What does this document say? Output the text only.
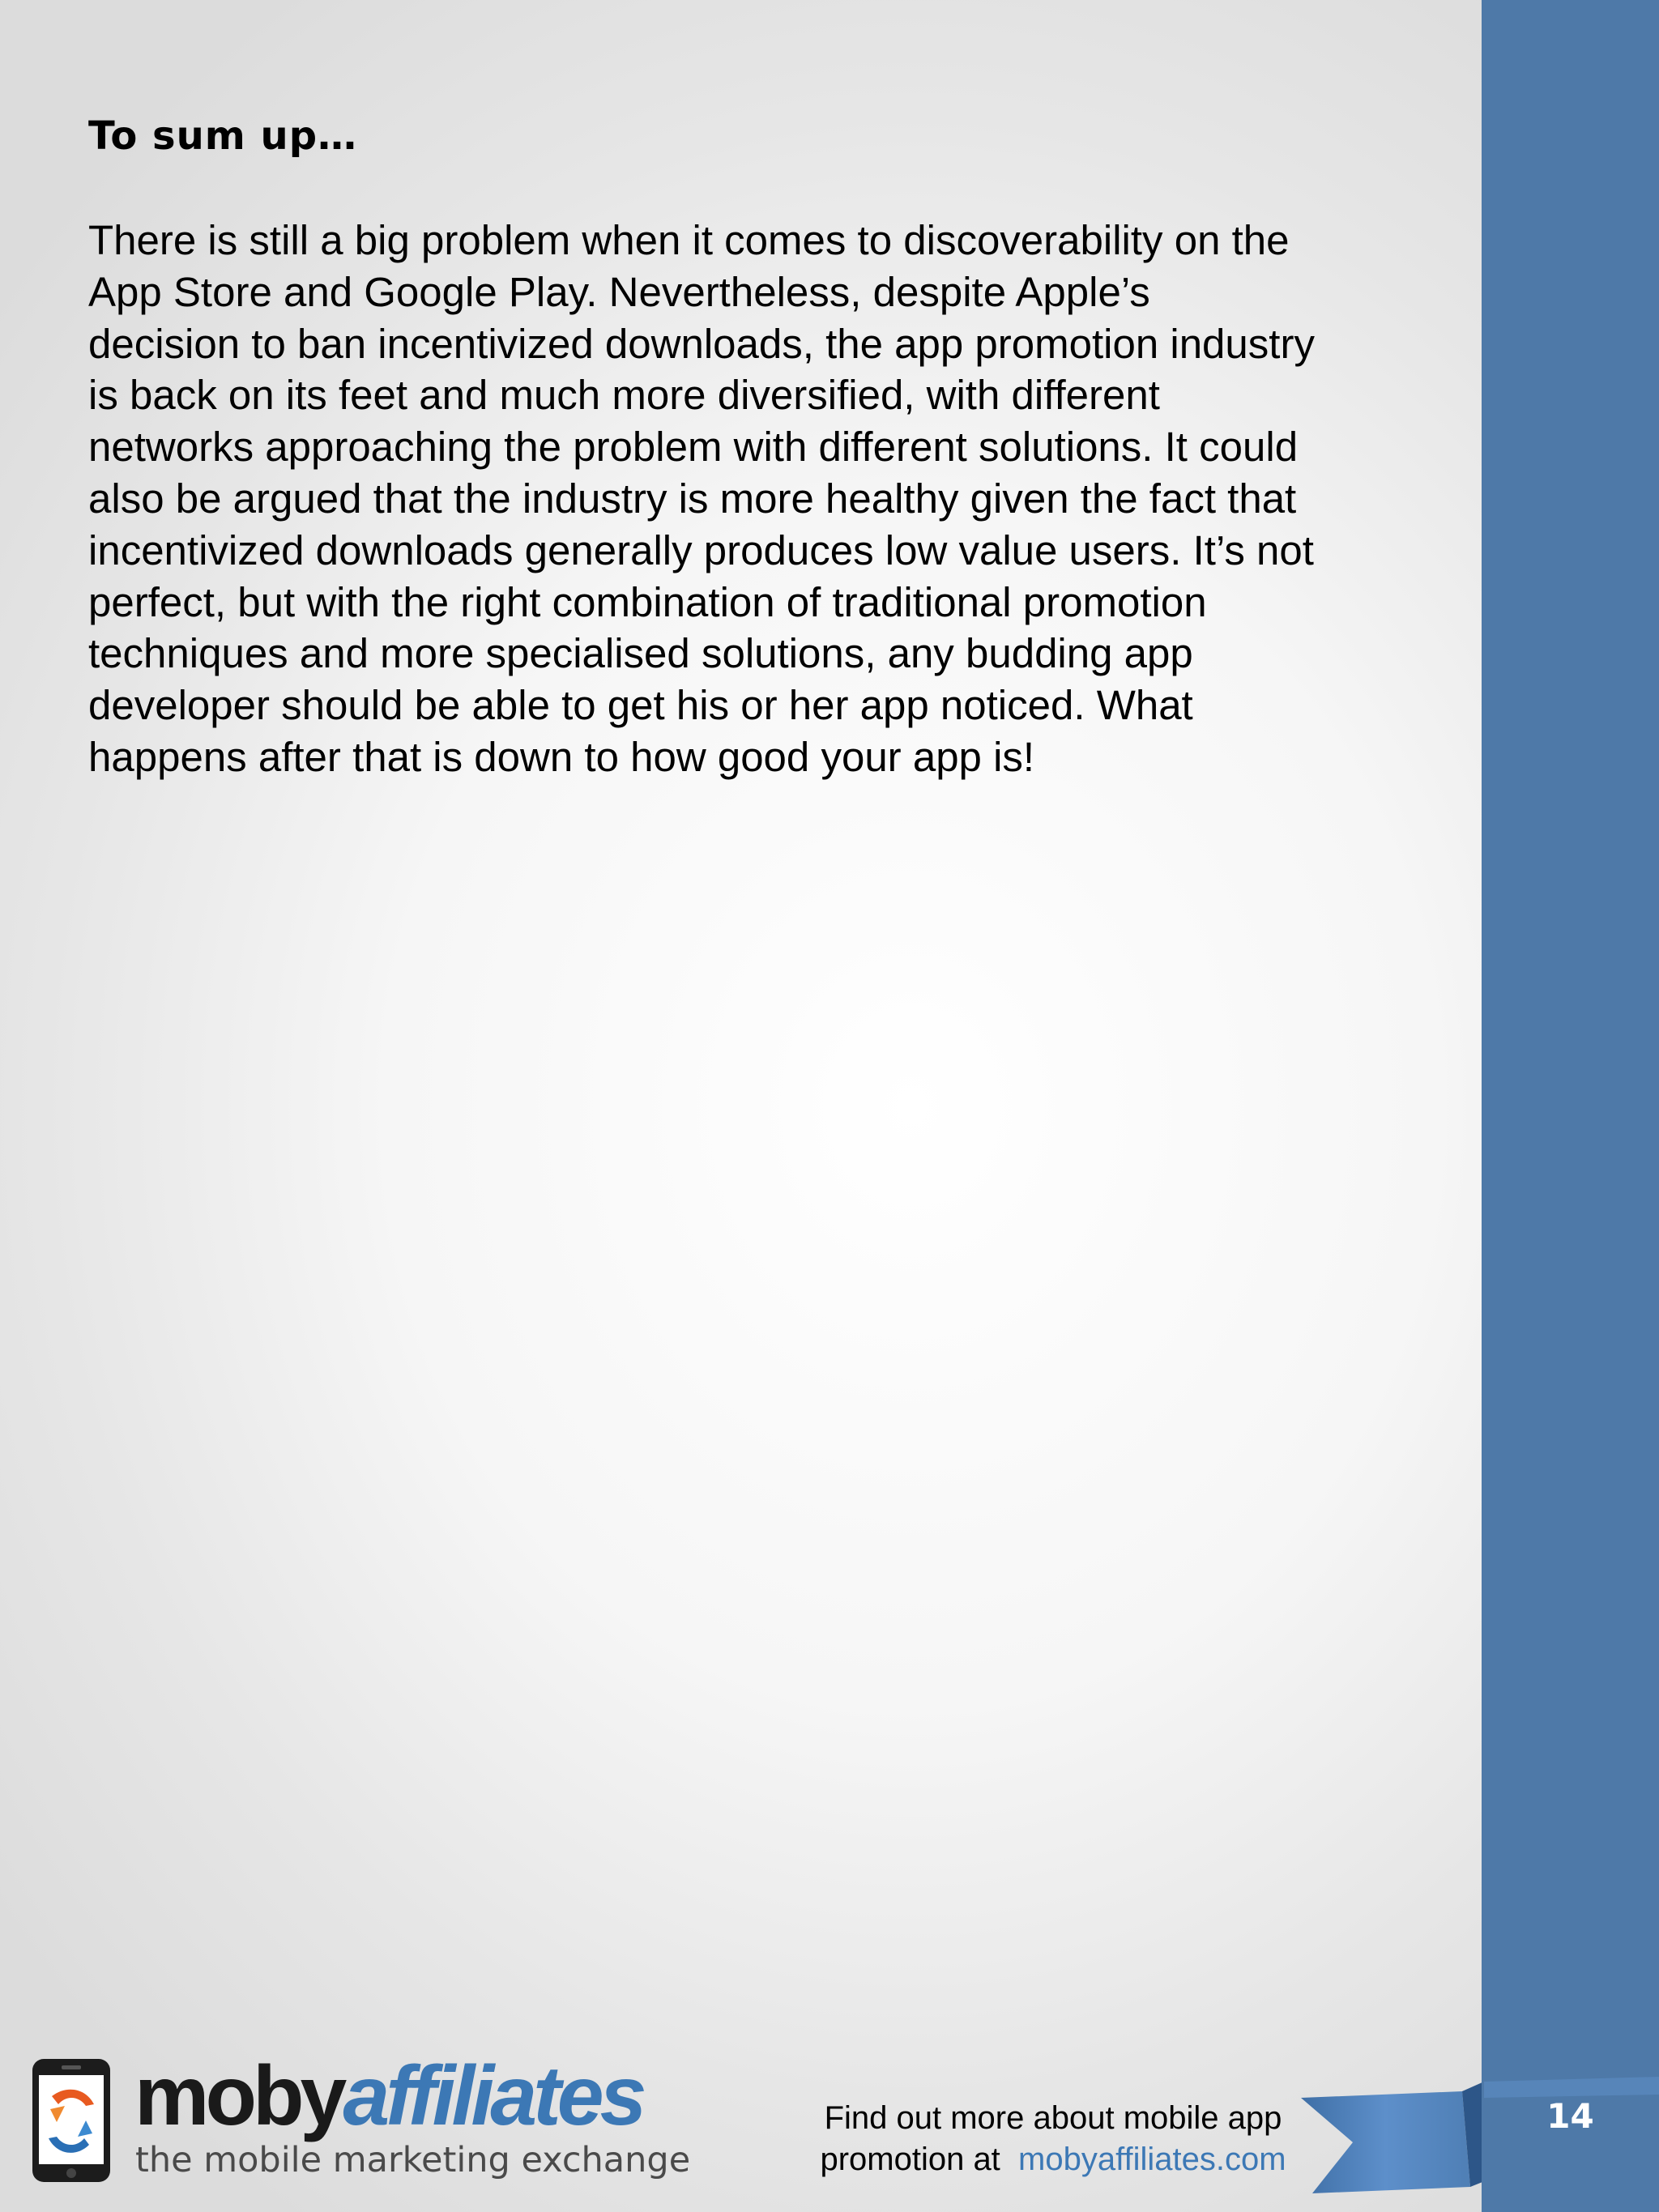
To sum up…

There is still a big problem when it comes to discoverability on the
App Store and Google Play. Nevertheless, despite Apple’s
decision to ban incentivized downloads, the app promotion industry
is back on its feet and much more diversified, with different
networks approaching the problem with different solutions. It could
also be argued that the industry is more healthy given the fact that
incentivized downloads generally produces low value users. It’s not
perfect, but with the right combination of traditional promotion
techniques and more specialised solutions, any budding app
developer should be able to get his or her app noticed. What
happens after that is down to how good your app is!

mobyaffiliates
the mobile marketing exchange
Find out more about mobile app
promotion at mobyaffiliates.com
14
